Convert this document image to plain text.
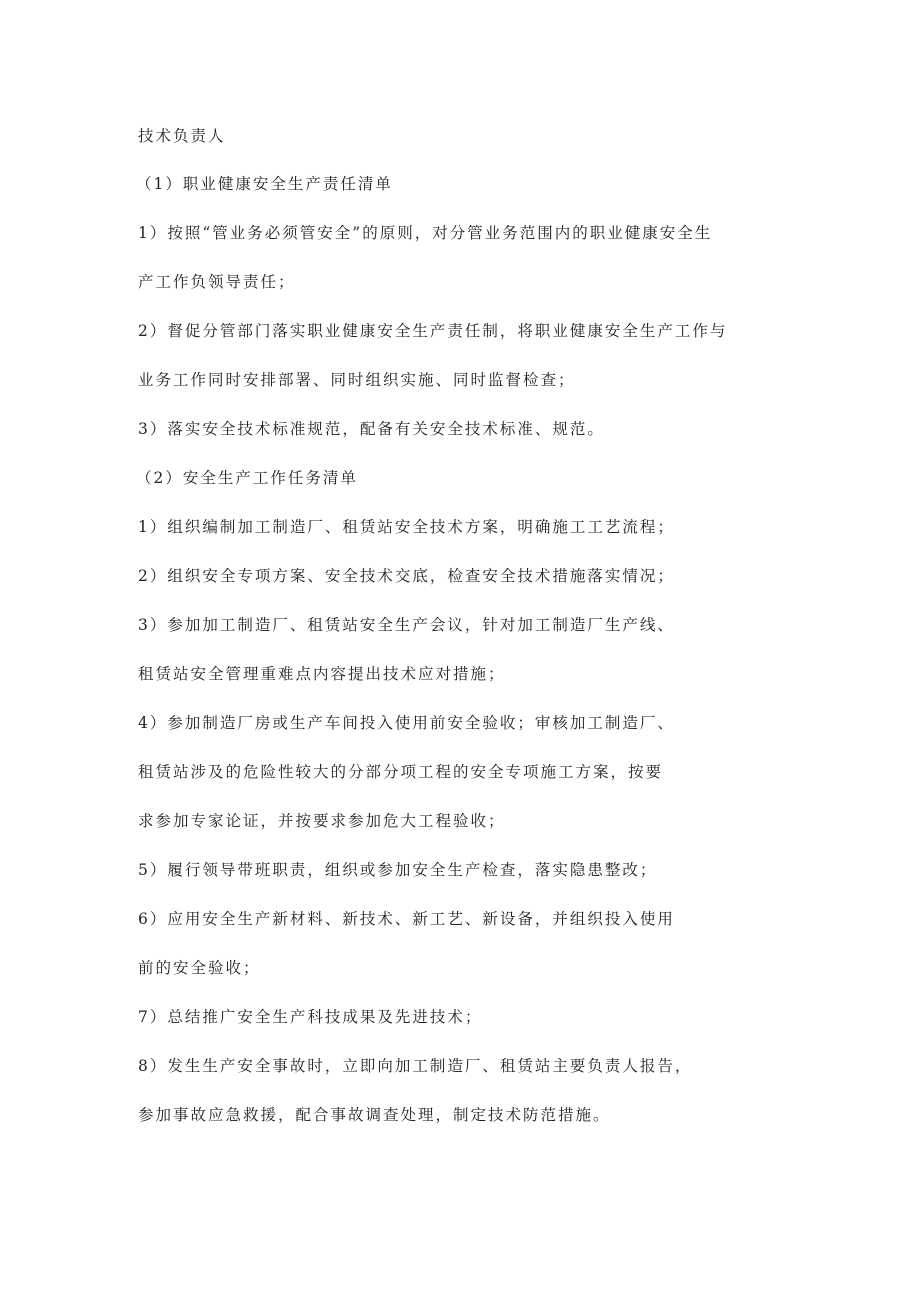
技术负责人
（1）职业健康安全生产责任清单
1）按照“管业务必须管安全”的原则，对分管业务范围内的职业健康安全生
产工作负领导责任；
2）督促分管部门落实职业健康安全生产责任制，将职业健康安全生产工作与
业务工作同时安排部署、同时组织实施、同时监督检查；
3）落实安全技术标准规范，配备有关安全技术标准、规范。
（2）安全生产工作任务清单
1）组织编制加工制造厂、租赁站安全技术方案，明确施工工艺流程；
2）组织安全专项方案、安全技术交底，检查安全技术措施落实情况；
3）参加加工制造厂、租赁站安全生产会议，针对加工制造厂生产线、
租赁站安全管理重难点内容提出技术应对措施；
4）参加制造厂房或生产车间投入使用前安全验收；审核加工制造厂、
租赁站涉及的危险性较大的分部分项工程的安全专项施工方案，按要
求参加专家论证，并按要求参加危大工程验收；
5）履行领导带班职责，组织或参加安全生产检查，落实隐患整改；
6）应用安全生产新材料、新技术、新工艺、新设备，并组织投入使用
前的安全验收；
7）总结推广安全生产科技成果及先进技术；
8）发生生产安全事故时，立即向加工制造厂、租赁站主要负责人报告，
参加事故应急救援，配合事故调查处理，制定技术防范措施。
